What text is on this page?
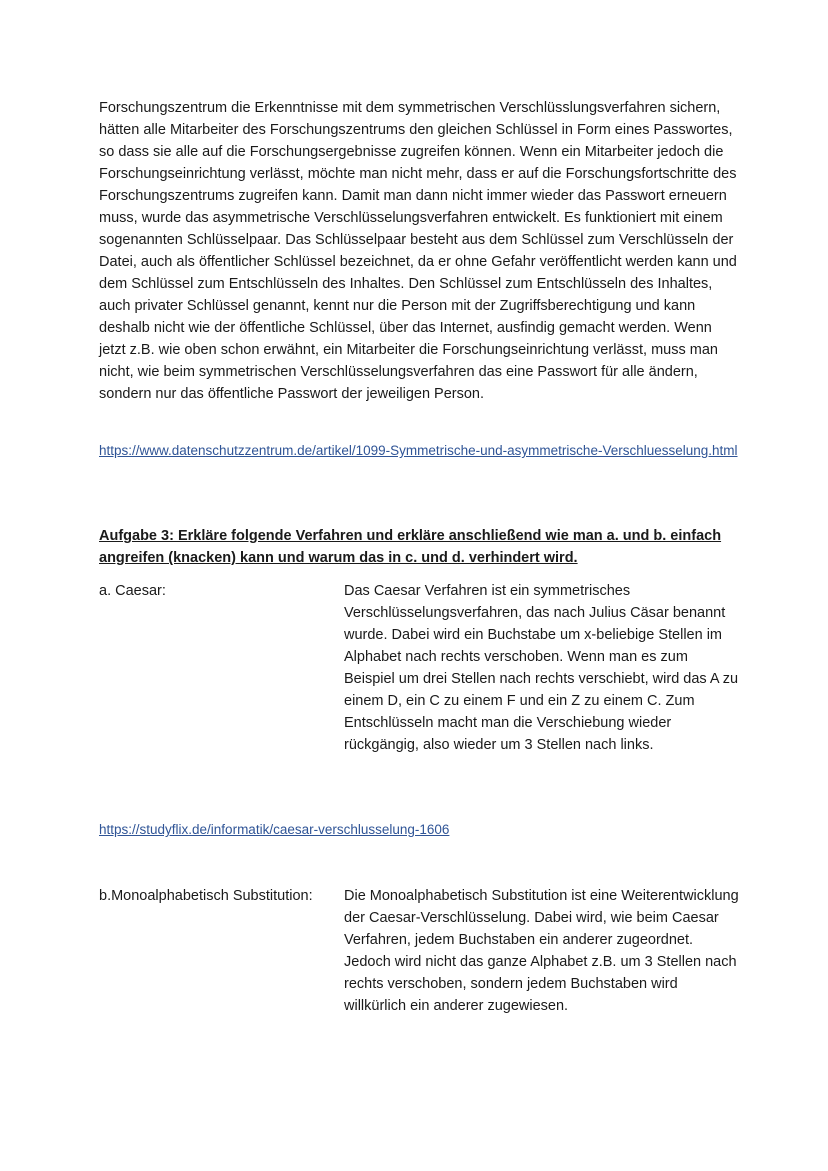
Forschungszentrum die Erkenntnisse mit dem symmetrischen Verschlüsslungsverfahren sichern, hätten alle Mitarbeiter des Forschungszentrums den gleichen Schlüssel in Form eines Passwortes, so dass sie alle auf die Forschungsergebnisse zugreifen können. Wenn ein Mitarbeiter jedoch die Forschungseinrichtung verlässt, möchte man nicht mehr, dass er auf die Forschungsfortschritte des Forschungszentrums zugreifen kann. Damit man dann nicht immer wieder das Passwort erneuern muss, wurde das asymmetrische Verschlüsselungsverfahren entwickelt. Es funktioniert mit einem sogenannten Schlüsselpaar. Das Schlüsselpaar besteht aus dem Schlüssel zum Verschlüsseln der Datei, auch als öffentlicher Schlüssel bezeichnet, da er ohne Gefahr veröffentlicht werden kann und dem Schlüssel zum Entschlüsseln des Inhaltes. Den Schlüssel zum Entschlüsseln des Inhaltes, auch privater Schlüssel genannt, kennt nur die Person mit der Zugriffsberechtigung und kann deshalb nicht wie der öffentliche Schlüssel, über das Internet, ausfindig gemacht werden. Wenn jetzt z.B. wie oben schon erwähnt, ein Mitarbeiter die Forschungseinrichtung verlässt, muss man nicht, wie beim symmetrischen Verschlüsselungsverfahren das eine Passwort für alle ändern, sondern nur das öffentliche Passwort der jeweiligen Person.

https://www.datenschutzzentrum.de/artikel/1099-Symmetrische-und-asymmetrische-Verschluesselung.html

Aufgabe 3: Erkläre folgende Verfahren und erkläre anschließend wie man a. und b. einfach angreifen (knacken) kann und warum das in c. und d. verhindert wird.

a. Caesar:	Das Caesar Verfahren ist ein symmetrisches Verschlüsselungsverfahren, das nach Julius Cäsar benannt wurde. Dabei wird ein Buchstabe um x-beliebige Stellen im Alphabet nach rechts verschoben. Wenn man es zum Beispiel um drei Stellen nach rechts verschiebt, wird das A zu einem D, ein C zu einem F und ein Z zu einem C. Zum Entschlüsseln macht man die Verschiebung wieder rückgängig, also wieder um 3 Stellen nach links.

https://studyflix.de/informatik/caesar-verschlusselung-1606

b.Monoalphabetisch Substitution: Die Monoalphabetisch Substitution ist eine Weiterentwicklung der Caesar-Verschlüsselung. Dabei wird, wie beim Caesar Verfahren, jedem Buchstaben ein anderer zugeordnet. Jedoch wird nicht das ganze Alphabet z.B. um 3 Stellen nach rechts verschoben, sondern jedem Buchstaben wird willkürlich ein anderer zugewiesen.
